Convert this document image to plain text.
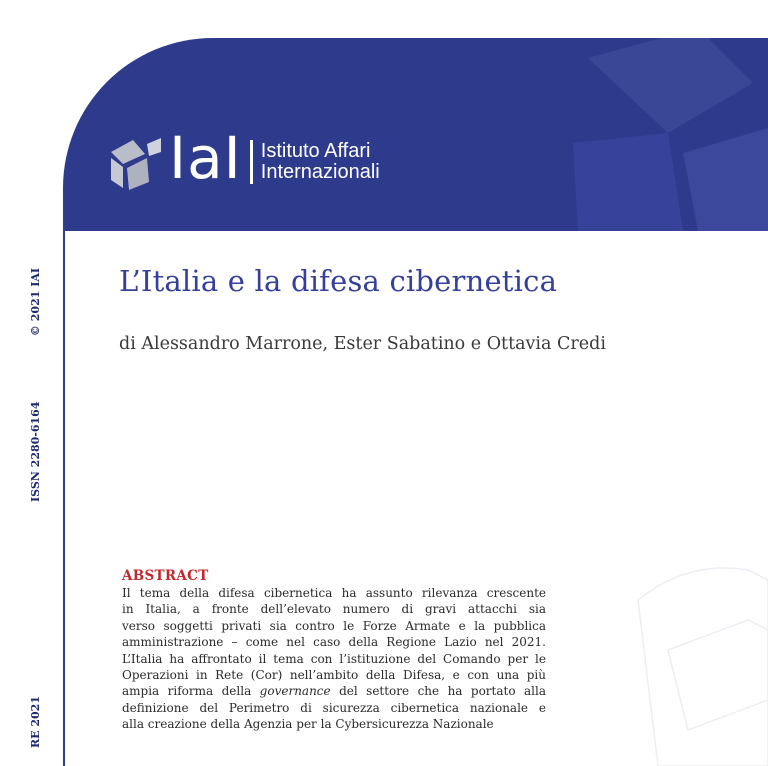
IaI Istituto Affari
Internazionali
© 2021 IAI
ISSN 2280-6164
RE 2021
L’Italia e la difesa cibernetica

di Alessandro Marrone, Ester Sabatino e Ottavia Credi

ABSTRACT
Il tema della difesa cibernetica ha assunto rilevanza crescente
in Italia, a fronte dell’elevato numero di gravi attacchi sia
verso soggetti privati sia contro le Forze Armate e la pubblica
amministrazione – come nel caso della Regione Lazio nel 2021.
L’Italia ha affrontato il tema con l’istituzione del Comando per le
Operazioni in Rete (Cor) nell’ambito della Difesa, e con una più
ampia riforma della governance del settore che ha portato alla
definizione del Perimetro di sicurezza cibernetica nazionale e
alla creazione della Agenzia per la Cybersicurezza Nazionale
